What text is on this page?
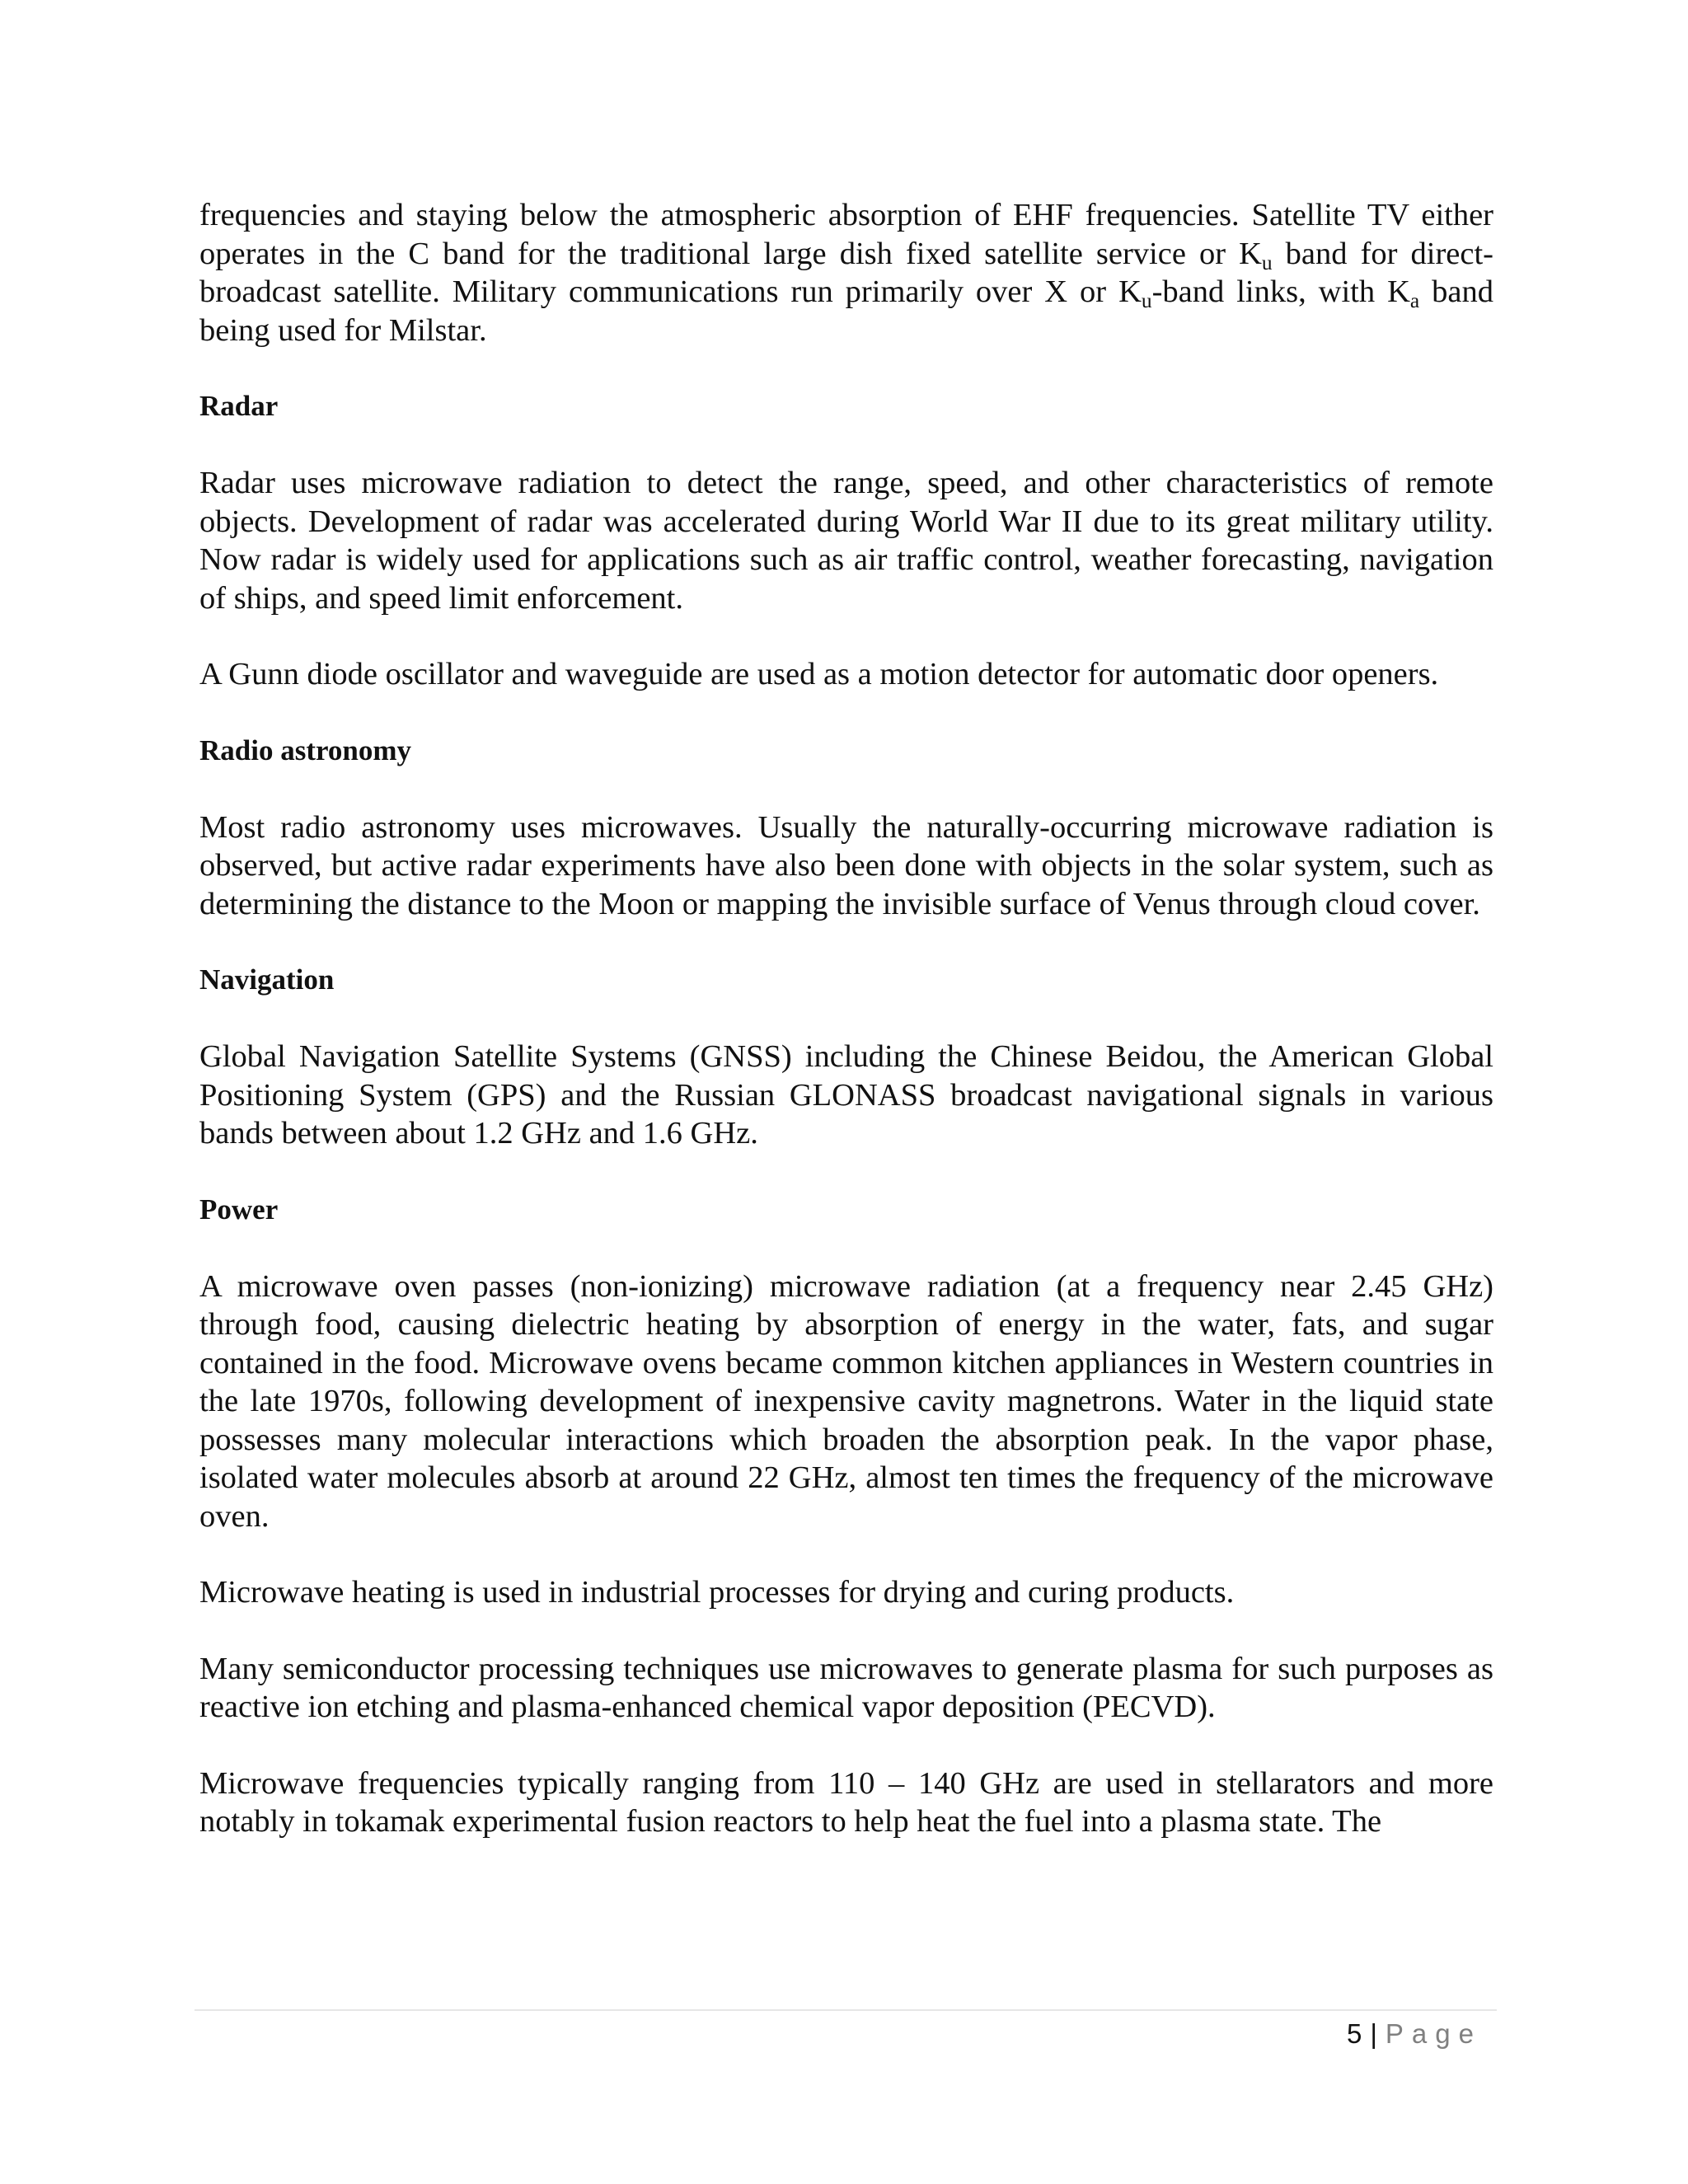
frequencies and staying below the atmospheric absorption of EHF frequencies. Satellite TV either operates in the C band for the traditional large dish fixed satellite service or $K_u$ band for direct-broadcast satellite. Military communications run primarily over X or $K_u$-band links, with $K_a$ band being used for Milstar.

Radar

Radar uses microwave radiation to detect the range, speed, and other characteristics of remote objects. Development of radar was accelerated during World War II due to its great military utility. Now radar is widely used for applications such as air traffic control, weather forecasting, navigation of ships, and speed limit enforcement.

A Gunn diode oscillator and waveguide are used as a motion detector for automatic door openers.

Radio astronomy

Most radio astronomy uses microwaves. Usually the naturally-occurring microwave radiation is observed, but active radar experiments have also been done with objects in the solar system, such as determining the distance to the Moon or mapping the invisible surface of Venus through cloud cover.

Navigation

Global Navigation Satellite Systems (GNSS) including the Chinese Beidou, the American Global Positioning System (GPS) and the Russian GLONASS broadcast navigational signals in various bands between about 1.2 GHz and 1.6 GHz.

Power

A microwave oven passes (non-ionizing) microwave radiation (at a frequency near 2.45 GHz) through food, causing dielectric heating by absorption of energy in the water, fats, and sugar contained in the food. Microwave ovens became common kitchen appliances in Western countries in the late 1970s, following development of inexpensive cavity magnetrons. Water in the liquid state possesses many molecular interactions which broaden the absorption peak. In the vapor phase, isolated water molecules absorb at around 22 GHz, almost ten times the frequency of the microwave oven.

Microwave heating is used in industrial processes for drying and curing products.

Many semiconductor processing techniques use microwaves to generate plasma for such purposes as reactive ion etching and plasma-enhanced chemical vapor deposition (PECVD).

Microwave frequencies typically ranging from 110 – 140 GHz are used in stellarators and more notably in tokamak experimental fusion reactors to help heat the fuel into a plasma state. The

5 | Page
